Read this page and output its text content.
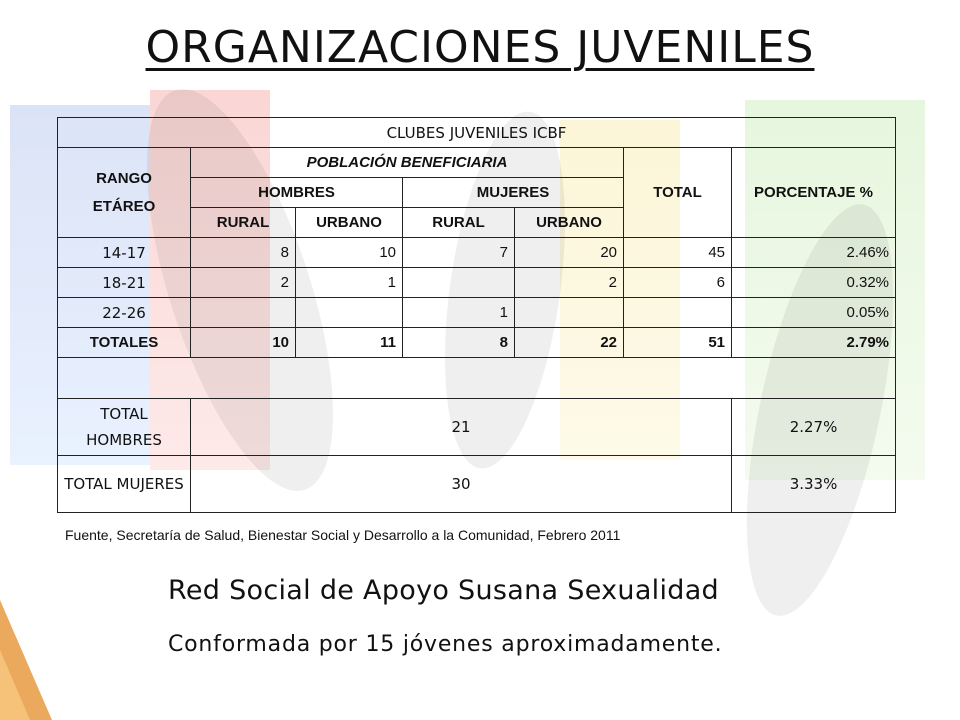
ORGANIZACIONES JUVENILES
CLUBES JUVENILES ICBF						
RANGO ETÁREO	POBLACIÓN BENEFICIARIA				TOTAL	PORCENTAJE %
	HOMBRES		MUJERES			
	RURAL	URBANO	RURAL	URBANO		
14-17	8	10	7	20	45	2.46%
18-21	2	1		2	6	0.32%
22-26			1			0.05%
TOTALES	10	11	8	22	51	2.79%

TOTAL HOMBRES	21					2.27%
TOTAL MUJERES	30					3.33%
Fuente, Secretaría de Salud, Bienestar Social y Desarrollo a la Comunidad, Febrero 2011
Red Social de Apoyo Susana Sexualidad
Conformada por 15 jóvenes aproximadamente.
